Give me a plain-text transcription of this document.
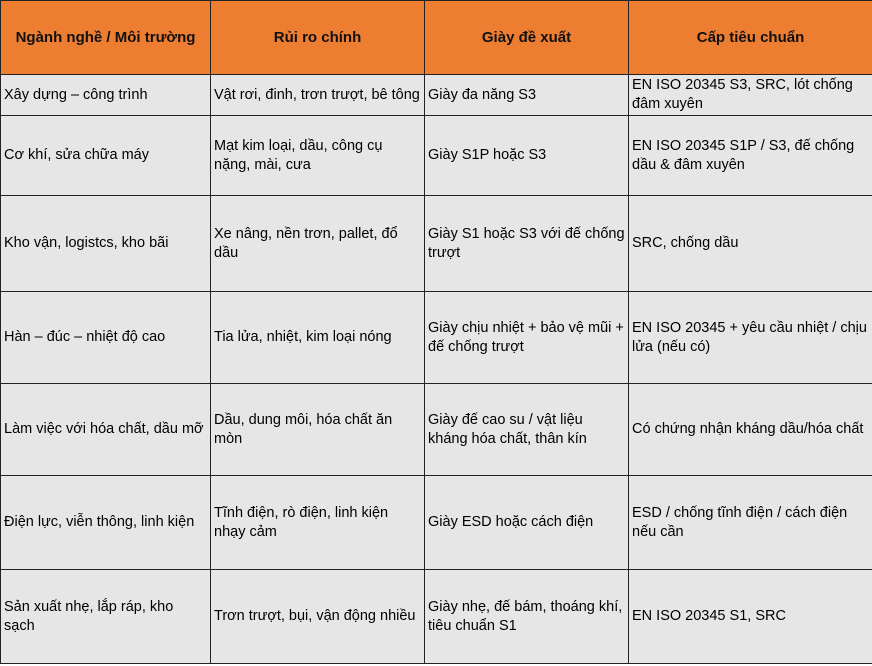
Ngành nghề / Môi trường	Rủi ro chính	Giày đề xuất	Cấp tiêu chuẩn
Xây dựng – công trình	Vật rơi, đinh, trơn trượt, bê tông	Giày đa năng S3	EN ISO 20345 S3, SRC, lót chống đâm xuyên
Cơ khí, sửa chữa máy	Mạt kim loại, dầu, công cụ nặng, mài, cưa	Giày S1P hoặc S3	EN ISO 20345 S1P / S3, đế chống dầu & đâm xuyên
Kho vận, logistcs, kho bãi	Xe nâng, nền trơn, pallet, đổ dầu	Giày S1 hoặc S3 với đế chống trượt	SRC, chống dầu
Hàn – đúc – nhiệt độ cao	Tia lửa, nhiệt, kim loại nóng	Giày chịu nhiệt + bảo vệ mũi + đế chống trượt	EN ISO 20345 + yêu cầu nhiệt / chịu lửa (nếu có)
Làm việc với hóa chất, dầu mỡ	Dầu, dung môi, hóa chất ăn mòn	Giày đế cao su / vật liệu kháng hóa chất, thân kín	Có chứng nhận kháng dầu/hóa chất
Điện lực, viễn thông, linh kiện	Tĩnh điện, rò điện, linh kiện nhạy cảm	Giày ESD hoặc cách điện	ESD / chống tĩnh điện / cách điện nếu cần
Sản xuất nhẹ, lắp ráp, kho sạch	Trơn trượt, bụi, vận động nhiều	Giày nhẹ, đế bám, thoáng khí, tiêu chuẩn S1	EN ISO 20345 S1, SRC
